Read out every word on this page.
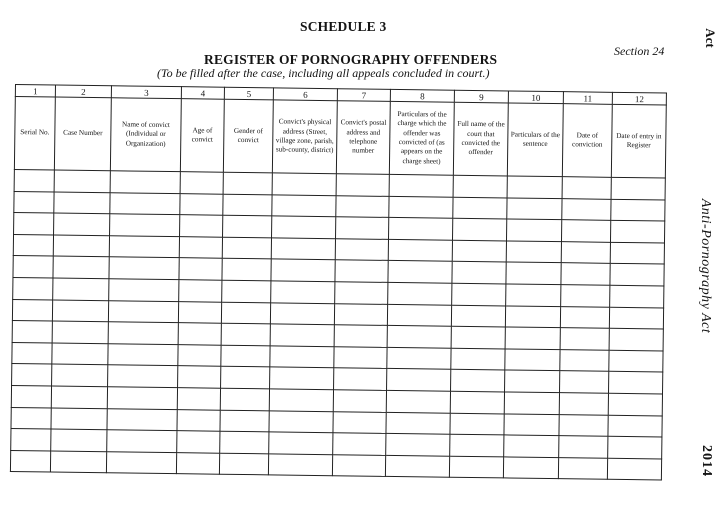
SCHEDULE 3
Section 24
REGISTER OF PORNOGRAPHY OFFENDERS
(To be filled after the case, including all appeals concluded in court.)
Act
Anti-Pornography Act
2014
1	2	3	4	5	6	7	8	9	10	11	12
Serial No.	Case Number	Name of convict (Individual or Organization)	Age of convict	Gender of convict	Convict's physical address (Street, village zone, parish, sub-county, district)	Convict's postal address and telephone number	Particulars of the charge which the offender was convicted of (as appears on the charge sheet)	Full name of the court that convicted the offender	Particulars of the sentence	Date of conviction	Date of entry in Register
